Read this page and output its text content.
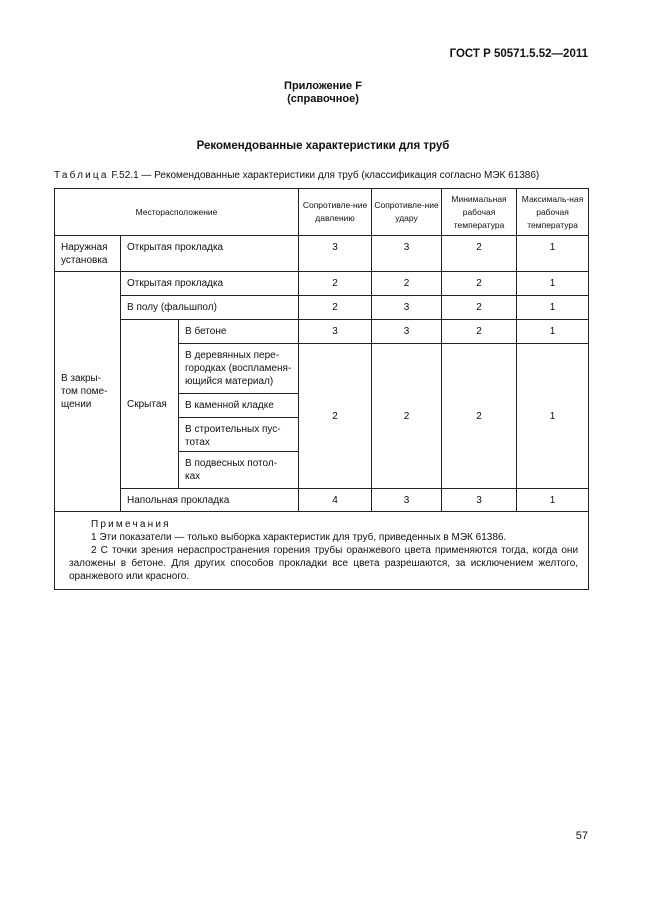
ГОСТ Р 50571.5.52—2011
Приложение F
(справочное)
Рекомендованные характеристики для труб
Таблица F.52.1 — Рекомендованные характеристики для труб (классификация согласно МЭК 61386)
Месторасположение			Сопротивле-ние давлению	Сопротивле-ние удару	Минимальная рабочая температура	Максималь-ная рабочая температура
Наружная установка	Открытая прокладка		3	3	2	1
В закры-том поме-щении	Открытая прокладка		2	2	2	1
	В полу (фальшпол)		2	3	2	1
	Скрытая	В бетоне	3	3	2	1
		В деревянных пере-городках (воспламеня-ющийся материал)	2	2	2	1
		В каменной кладке				
		В строительных пус-тотах				
		В подвесных потол-ках				
	Напольная прокладка		4	3	3	1

Примечания
1 Эти показатели — только выборка характеристик для труб, приведенных в МЭК 61386.
2 С точки зрения нераспространения горения трубы оранжевого цвета применяются тогда, когда они заложены в бетоне. Для других способов прокладки все цвета разрешаются, за исключением желтого, оранжевого или красного.						
57
